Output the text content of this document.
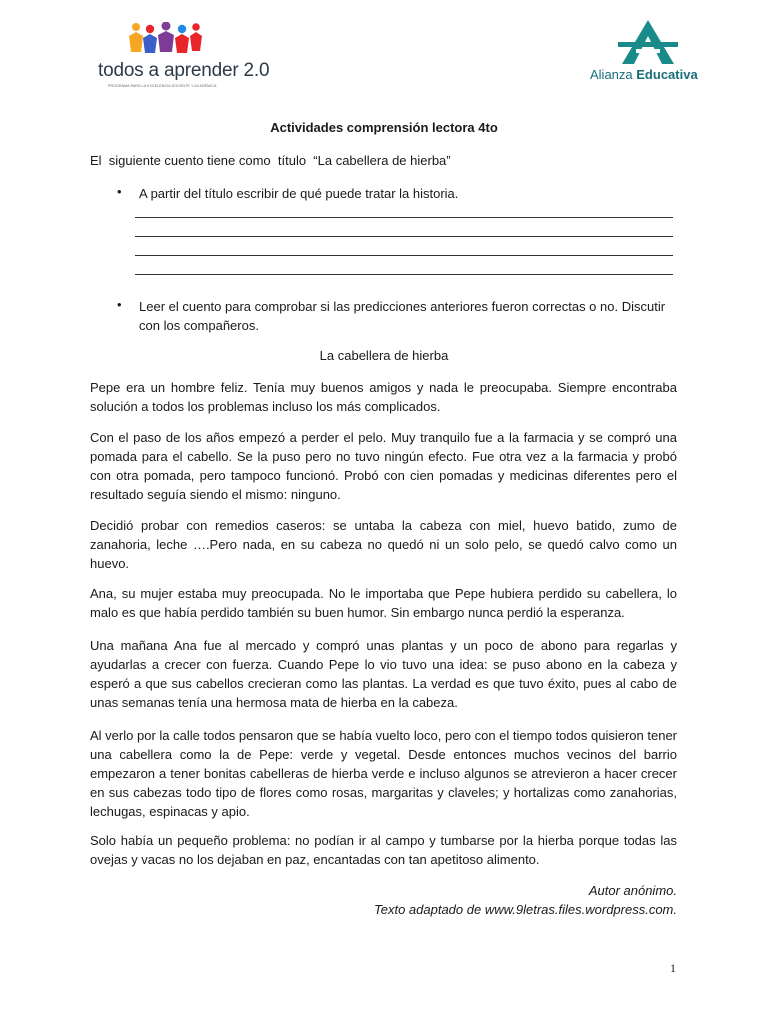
todos a aprender 2.0
PROGRAMA PARA LA EXCELENCIA DOCENTE Y ACADÉMICA
Alianza Educativa
Actividades comprensión lectora 4to
El  siguiente cuento tiene como  título  “La cabellera de hierba”
• A partir del título escribir de qué puede tratar la historia.
• Leer el cuento para comprobar si las predicciones anteriores fueron correctas o no. Discutir con los compañeros.
La cabellera de hierba

Pepe era un hombre feliz. Tenía muy buenos amigos y nada le preocupaba. Siempre encontraba solución a todos los problemas incluso los más complicados.

Con el paso de los años empezó a perder el pelo. Muy tranquilo fue a la farmacia y se compró una pomada para el cabello. Se la puso pero no tuvo ningún efecto. Fue otra vez a la farmacia y probó con otra pomada, pero tampoco funcionó. Probó con cien pomadas y medicinas diferentes pero el resultado seguía siendo el mismo: ninguno.

Decidió probar con remedios caseros: se untaba la cabeza con miel, huevo batido, zumo de zanahoria, leche ….Pero nada, en su cabeza no quedó ni un solo pelo, se quedó calvo como un huevo.

Ana, su mujer estaba muy preocupada. No le importaba que Pepe hubiera perdido su cabellera, lo malo es que había perdido también su buen humor. Sin embargo nunca perdió la esperanza.

Una mañana Ana fue al mercado y compró unas plantas y un poco de abono para regarlas y ayudarlas a crecer con fuerza. Cuando Pepe lo vio tuvo una idea: se puso abono en la cabeza y esperó a que sus cabellos crecieran como las plantas. La verdad es que tuvo éxito, pues al cabo de unas semanas tenía una hermosa mata de hierba en la cabeza.

Al verlo por la calle todos pensaron que se había vuelto loco, pero con el tiempo todos quisieron tener una cabellera como la de Pepe: verde y vegetal. Desde entonces muchos vecinos del barrio empezaron a tener bonitas cabelleras de hierba verde e incluso algunos se atrevieron a hacer crecer en sus cabezas todo tipo de flores como rosas, margaritas y claveles; y hortalizas como zanahorias, lechugas, espinacas y apio.

Solo había un pequeño problema: no podían ir al campo y tumbarse por la hierba porque todas las ovejas y vacas no los dejaban en paz, encantadas con tan apetitoso alimento.

Autor anónimo.
Texto adaptado de www.9letras.files.wordpress.com.
1
